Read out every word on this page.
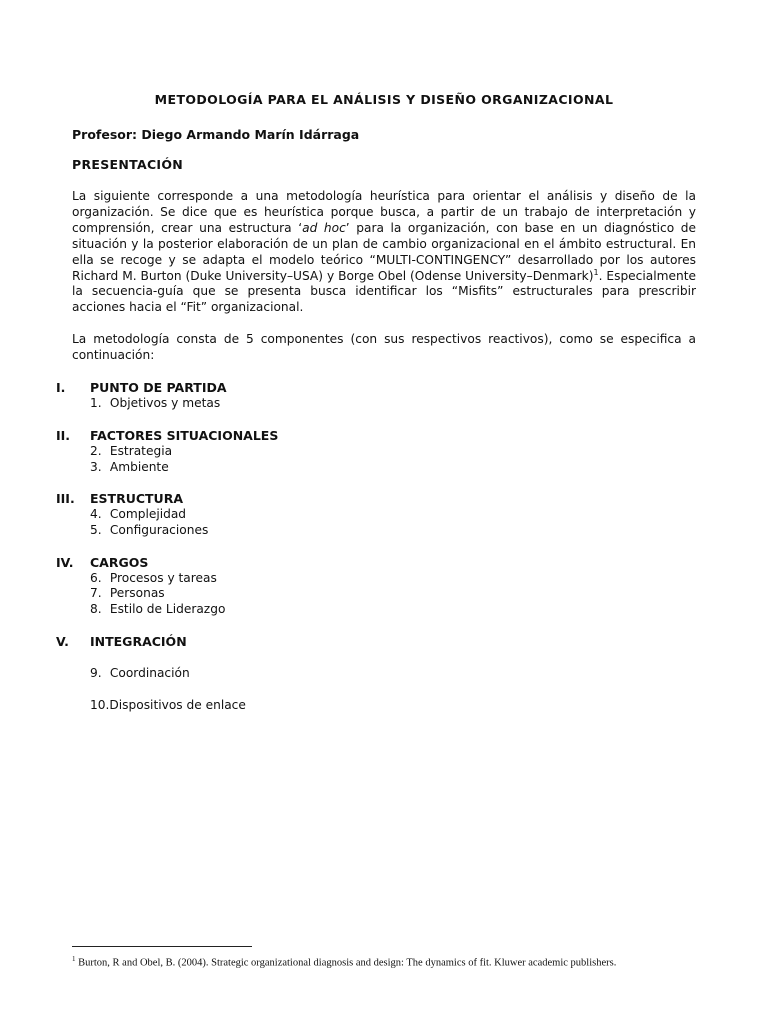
METODOLOGÍA PARA EL ANÁLISIS Y DISEÑO ORGANIZACIONAL
Profesor: Diego Armando Marín Idárraga
PRESENTACIÓN
La siguiente corresponde a una metodología heurística para orientar el análisis y diseño de la organización. Se dice que es heurística porque busca, a partir de un trabajo de interpretación y comprensión, crear una estructura ‘ad hoc’ para la organización, con base en un diagnóstico de situación y la posterior elaboración de un plan de cambio organizacional en el ámbito estructural. En ella se recoge y se adapta el modelo teórico “MULTI-CONTINGENCY” desarrollado por los autores Richard M. Burton (Duke University–USA) y Borge Obel (Odense University–Denmark)$^1$. Especialmente la secuencia-guía que se presenta busca identificar los “Misfits” estructurales para prescribir acciones hacia el “Fit” organizacional.
La metodología consta de 5 componentes (con sus respectivos reactivos), como se especifica a continuación:
I. PUNTO DE PARTIDA
1. Objetivos y metas
II. FACTORES SITUACIONALES
2. Estrategia
3. Ambiente
III. ESTRUCTURA
4. Complejidad
5. Configuraciones
IV. CARGOS
6. Procesos y tareas
7. Personas
8. Estilo de Liderazgo
V. INTEGRACIÓN
9. Coordinación
10.Dispositivos de enlace
$^1$ Burton, R and Obel, B. (2004). Strategic organizational diagnosis and design: The dynamics of fit. Kluwer academic publishers.
